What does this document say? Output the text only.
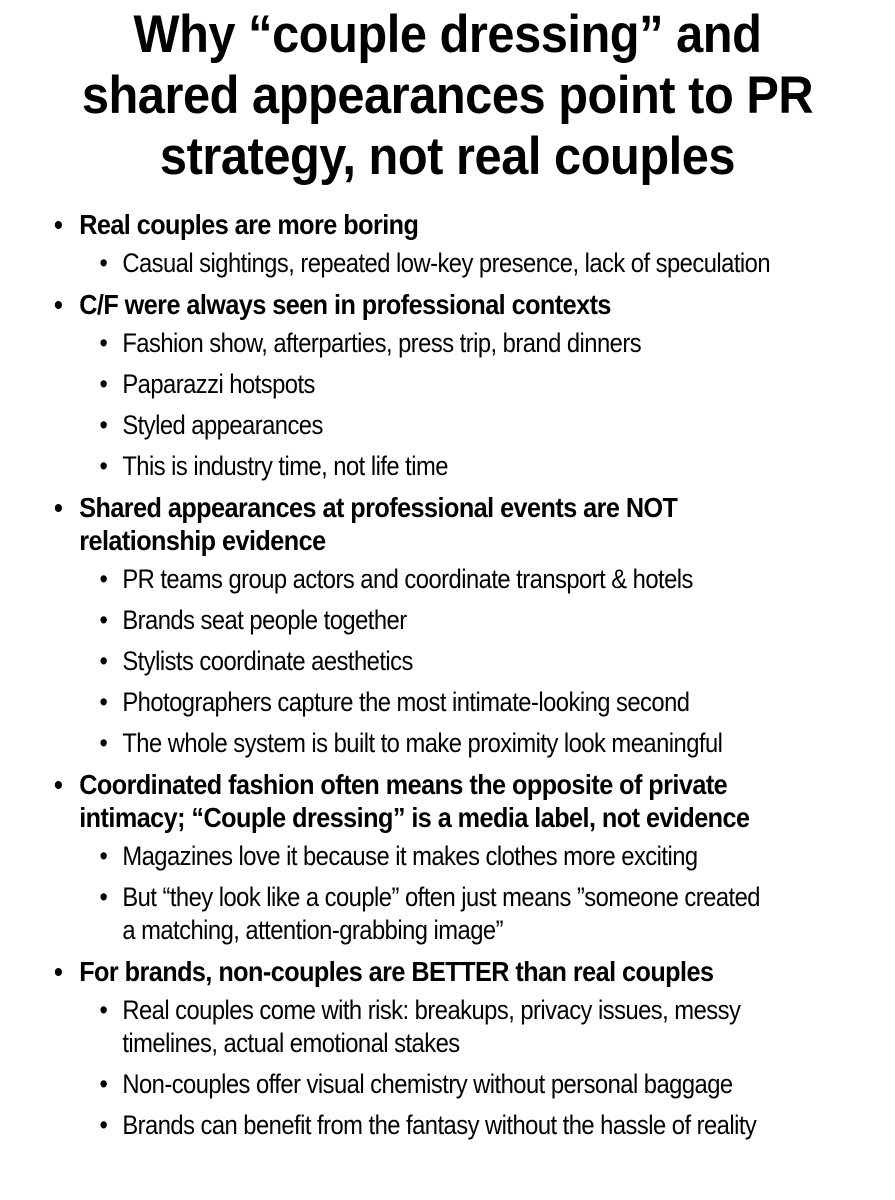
Why “couple dressing” and
shared appearances point to PR
strategy, not real couples
• Real couples are more boring
• Casual sightings, repeated low-key presence, lack of speculation
• C/F were always seen in professional contexts
• Fashion show, afterparties, press trip, brand dinners
• Paparazzi hotspots
• Styled appearances
• This is industry time, not life time
• Shared appearances at professional events are NOT
relationship evidence
• PR teams group actors and coordinate transport & hotels
• Brands seat people together
• Stylists coordinate aesthetics
• Photographers capture the most intimate-looking second
• The whole system is built to make proximity look meaningful
• Coordinated fashion often means the opposite of private
intimacy; “Couple dressing” is a media label, not evidence
• Magazines love it because it makes clothes more exciting
• But “they look like a couple” often just means ”someone created
a matching, attention-grabbing image”
• For brands, non-couples are BETTER than real couples
• Real couples come with risk: breakups, privacy issues, messy
timelines, actual emotional stakes
• Non-couples offer visual chemistry without personal baggage
• Brands can benefit from the fantasy without the hassle of reality
